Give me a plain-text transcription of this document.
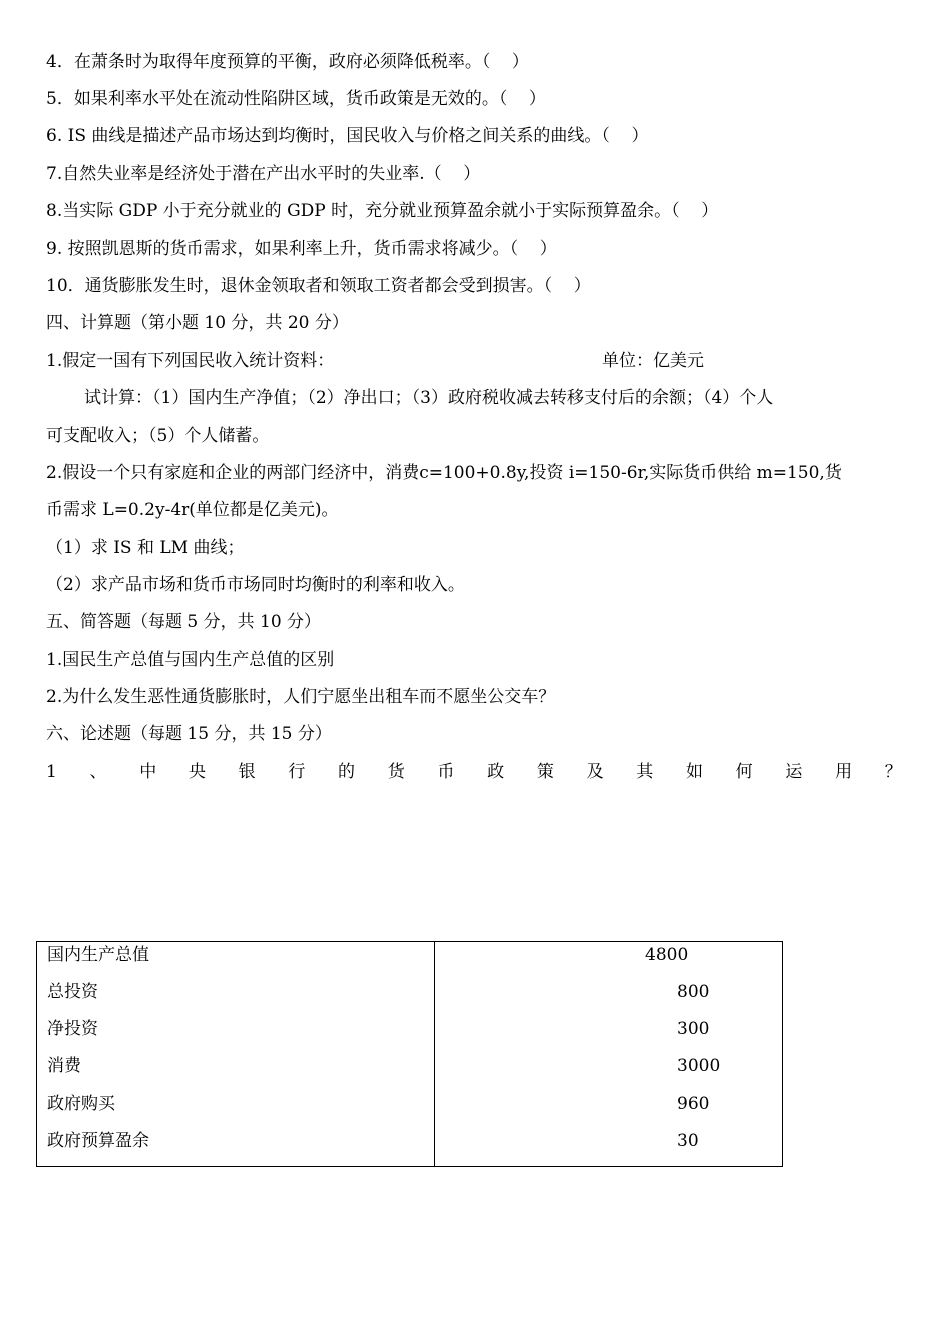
4．在萧条时为取得年度预算的平衡，政府必须降低税率。（    ）
5．如果利率水平处在流动性陷阱区域，货币政策是无效的。（    ）
6. IS 曲线是描述产品市场达到均衡时，国民收入与价格之间关系的曲线。（    ）
7.自然失业率是经济处于潜在产出水平时的失业率.（    ）
8.当实际 GDP 小于充分就业的 GDP 时，充分就业预算盈余就小于实际预算盈余。（    ）
9. 按照凯恩斯的货币需求，如果利率上升，货币需求将减少。（    ）
10．通货膨胀发生时，退休金领取者和领取工资者都会受到损害。（    ）
四、计算题（第小题 10 分，共 20 分）
1.假定一国有下列国民收入统计资料：	单位：亿美元
试计算：（1）国内生产净值；（2）净出口；（3）政府税收减去转移支付后的余额；（4）个人
可支配收入；（5）个人储蓄。
2.假设一个只有家庭和企业的两部门经济中，消费c=100+0.8y,投资 i=150-6r,实际货币供给 m=150,货
币需求 L=0.2y-4r(单位都是亿美元)。
（1）求 IS 和 LM 曲线；
（2）求产品市场和货币市场同时均衡时的利率和收入。
五、简答题（每题 5 分，共 10 分）
1.国民生产总值与国内生产总值的区别
2.为什么发生恶性通货膨胀时，人们宁愿坐出租车而不愿坐公交车？
六、论述题（每题 15 分，共 15 分）
1 、 中 央 银 行 的 货 币 政 策 及 其 如 何 运 用 ？
国内生产总值	4800
总投资	800
净投资	300
消费	3000
政府购买	960
政府预算盈余	30
